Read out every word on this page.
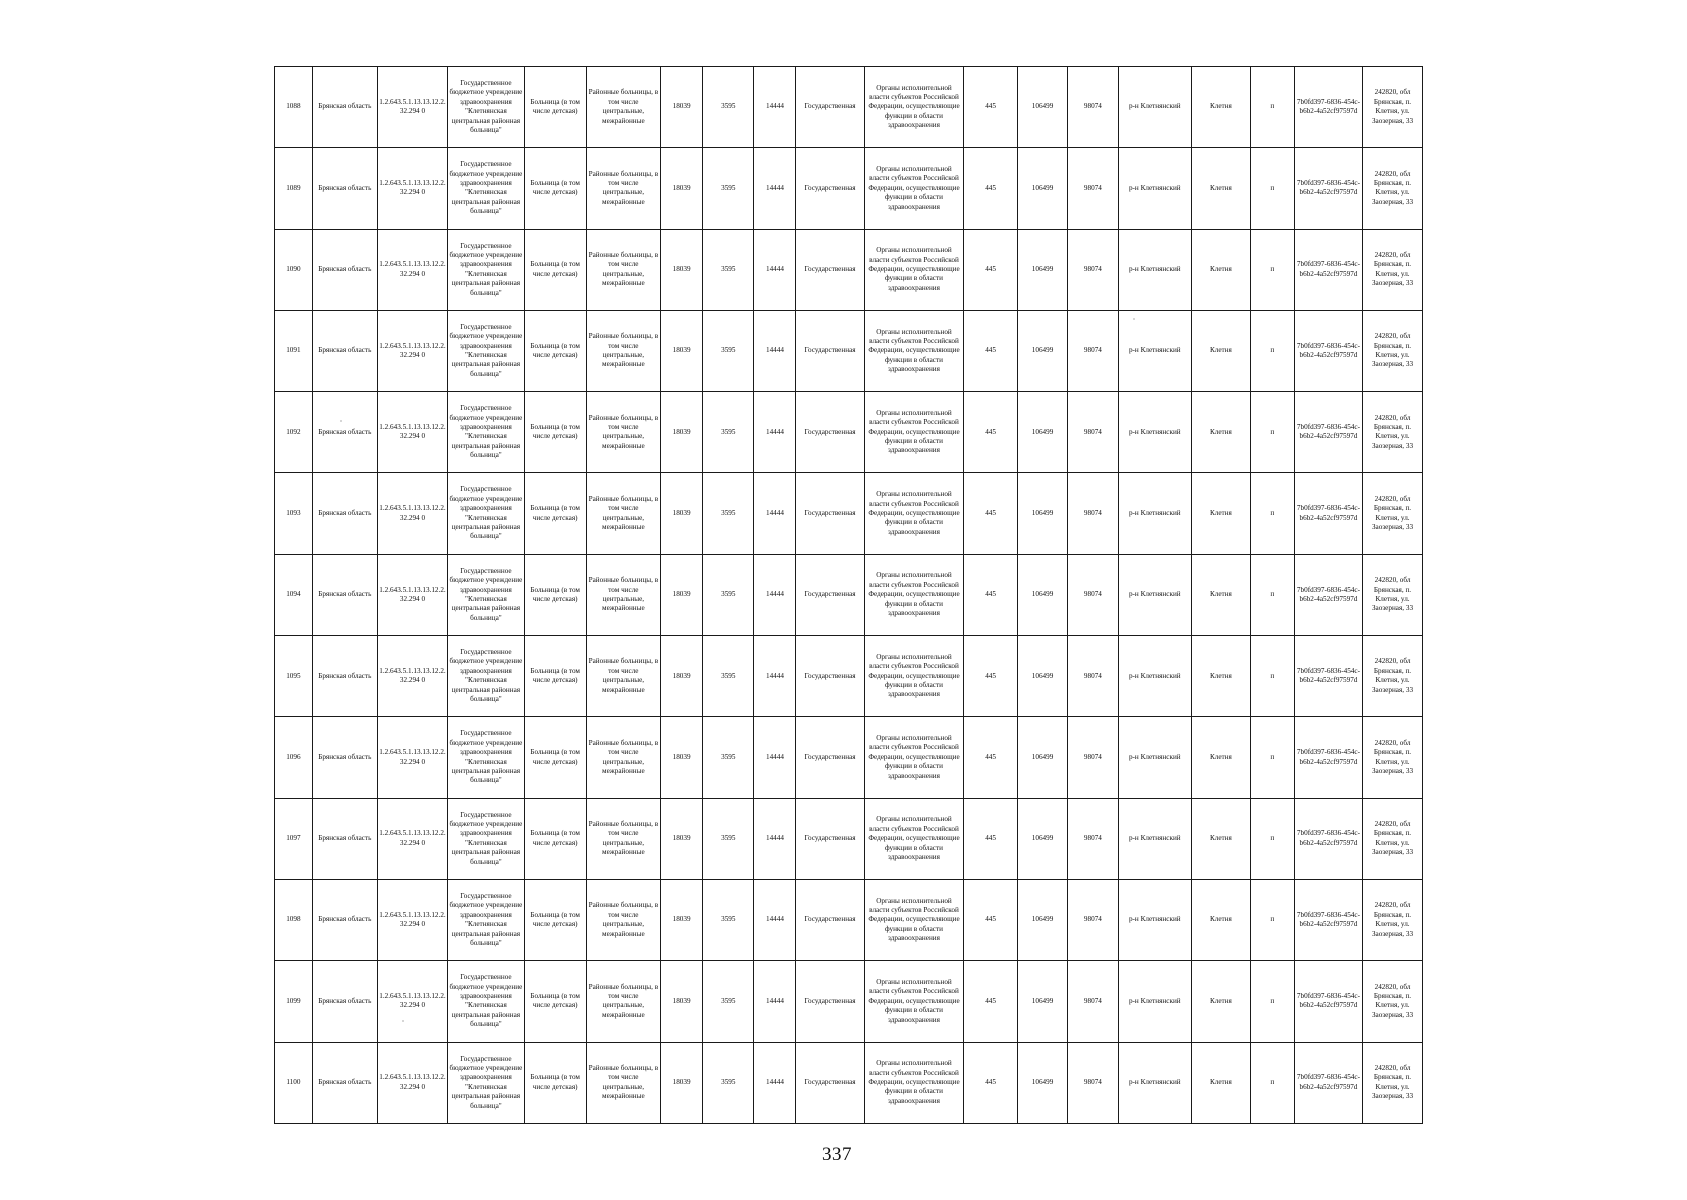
1088	Брянская область	1.2.643.5.1.13.13.12.2.32.294 0	Государственное бюджетное учреждение здравоохранения "Клетнянская центральная районная больница"	Больница (в том числе детская)	Районные больницы, в том числе центральные, межрайонные	18039	3595	14444	Государственная	Органы исполнительной власти субъектов Российской Федерации, осуществляющие функции в области здравоохранения	445	106499	98074	р-н Клетнянский	Клетня	п	7b0fd397-6836-454c-b6b2-4a52cf97597d	242820, обл Брянская, п. Клетня, ул. Заозерная, 33
1089	Брянская область	1.2.643.5.1.13.13.12.2.32.294 0	Государственное бюджетное учреждение здравоохранения "Клетнянская центральная районная больница"	Больница (в том числе детская)	Районные больницы, в том числе центральные, межрайонные	18039	3595	14444	Государственная	Органы исполнительной власти субъектов Российской Федерации, осуществляющие функции в области здравоохранения	445	106499	98074	р-н Клетнянский	Клетня	п	7b0fd397-6836-454c-b6b2-4a52cf97597d	242820, обл Брянская, п. Клетня, ул. Заозерная, 33
1090	Брянская область	1.2.643.5.1.13.13.12.2.32.294 0	Государственное бюджетное учреждение здравоохранения "Клетнянская центральная районная больница"	Больница (в том числе детская)	Районные больницы, в том числе центральные, межрайонные	18039	3595	14444	Государственная	Органы исполнительной власти субъектов Российской Федерации, осуществляющие функции в области здравоохранения	445	106499	98074	р-н Клетнянский	Клетня	п	7b0fd397-6836-454c-b6b2-4a52cf97597d	242820, обл Брянская, п. Клетня, ул. Заозерная, 33
1091	Брянская область	1.2.643.5.1.13.13.12.2.32.294 0	Государственное бюджетное учреждение здравоохранения "Клетнянская центральная районная больница"	Больница (в том числе детская)	Районные больницы, в том числе центральные, межрайонные	18039	3595	14444	Государственная	Органы исполнительной власти субъектов Российской Федерации, осуществляющие функции в области здравоохранения	445	106499	98074	р-н Клетнянский	Клетня	п	7b0fd397-6836-454c-b6b2-4a52cf97597d	242820, обл Брянская, п. Клетня, ул. Заозерная, 33
1092	Брянская область	1.2.643.5.1.13.13.12.2.32.294 0	Государственное бюджетное учреждение здравоохранения "Клетнянская центральная районная больница"	Больница (в том числе детская)	Районные больницы, в том числе центральные, межрайонные	18039	3595	14444	Государственная	Органы исполнительной власти субъектов Российской Федерации, осуществляющие функции в области здравоохранения	445	106499	98074	р-н Клетнянский	Клетня	п	7b0fd397-6836-454c-b6b2-4a52cf97597d	242820, обл Брянская, п. Клетня, ул. Заозерная, 33
1093	Брянская область	1.2.643.5.1.13.13.12.2.32.294 0	Государственное бюджетное учреждение здравоохранения "Клетнянская центральная районная больница"	Больница (в том числе детская)	Районные больницы, в том числе центральные, межрайонные	18039	3595	14444	Государственная	Органы исполнительной власти субъектов Российской Федерации, осуществляющие функции в области здравоохранения	445	106499	98074	р-н Клетнянский	Клетня	п	7b0fd397-6836-454c-b6b2-4a52cf97597d	242820, обл Брянская, п. Клетня, ул. Заозерная, 33
1094	Брянская область	1.2.643.5.1.13.13.12.2.32.294 0	Государственное бюджетное учреждение здравоохранения "Клетнянская центральная районная больница"	Больница (в том числе детская)	Районные больницы, в том числе центральные, межрайонные	18039	3595	14444	Государственная	Органы исполнительной власти субъектов Российской Федерации, осуществляющие функции в области здравоохранения	445	106499	98074	р-н Клетнянский	Клетня	п	7b0fd397-6836-454c-b6b2-4a52cf97597d	242820, обл Брянская, п. Клетня, ул. Заозерная, 33
1095	Брянская область	1.2.643.5.1.13.13.12.2.32.294 0	Государственное бюджетное учреждение здравоохранения "Клетнянская центральная районная больница"	Больница (в том числе детская)	Районные больницы, в том числе центральные, межрайонные	18039	3595	14444	Государственная	Органы исполнительной власти субъектов Российской Федерации, осуществляющие функции в области здравоохранения	445	106499	98074	р-н Клетнянский	Клетня	п	7b0fd397-6836-454c-b6b2-4a52cf97597d	242820, обл Брянская, п. Клетня, ул. Заозерная, 33
1096	Брянская область	1.2.643.5.1.13.13.12.2.32.294 0	Государственное бюджетное учреждение здравоохранения "Клетнянская центральная районная больница"	Больница (в том числе детская)	Районные больницы, в том числе центральные, межрайонные	18039	3595	14444	Государственная	Органы исполнительной власти субъектов Российской Федерации, осуществляющие функции в области здравоохранения	445	106499	98074	р-н Клетнянский	Клетня	п	7b0fd397-6836-454c-b6b2-4a52cf97597d	242820, обл Брянская, п. Клетня, ул. Заозерная, 33
1097	Брянская область	1.2.643.5.1.13.13.12.2.32.294 0	Государственное бюджетное учреждение здравоохранения "Клетнянская центральная районная больница"	Больница (в том числе детская)	Районные больницы, в том числе центральные, межрайонные	18039	3595	14444	Государственная	Органы исполнительной власти субъектов Российской Федерации, осуществляющие функции в области здравоохранения	445	106499	98074	р-н Клетнянский	Клетня	п	7b0fd397-6836-454c-b6b2-4a52cf97597d	242820, обл Брянская, п. Клетня, ул. Заозерная, 33
1098	Брянская область	1.2.643.5.1.13.13.12.2.32.294 0	Государственное бюджетное учреждение здравоохранения "Клетнянская центральная районная больница"	Больница (в том числе детская)	Районные больницы, в том числе центральные, межрайонные	18039	3595	14444	Государственная	Органы исполнительной власти субъектов Российской Федерации, осуществляющие функции в области здравоохранения	445	106499	98074	р-н Клетнянский	Клетня	п	7b0fd397-6836-454c-b6b2-4a52cf97597d	242820, обл Брянская, п. Клетня, ул. Заозерная, 33
1099	Брянская область	1.2.643.5.1.13.13.12.2.32.294 0	Государственное бюджетное учреждение здравоохранения "Клетнянская центральная районная больница"	Больница (в том числе детская)	Районные больницы, в том числе центральные, межрайонные	18039	3595	14444	Государственная	Органы исполнительной власти субъектов Российской Федерации, осуществляющие функции в области здравоохранения	445	106499	98074	р-н Клетнянский	Клетня	п	7b0fd397-6836-454c-b6b2-4a52cf97597d	242820, обл Брянская, п. Клетня, ул. Заозерная, 33
1100	Брянская область	1.2.643.5.1.13.13.12.2.32.294 0	Государственное бюджетное учреждение здравоохранения "Клетнянская центральная районная больница"	Больница (в том числе детская)	Районные больницы, в том числе центральные, межрайонные	18039	3595	14444	Государственная	Органы исполнительной власти субъектов Российской Федерации, осуществляющие функции в области здравоохранения	445	106499	98074	р-н Клетнянский	Клетня	п	7b0fd397-6836-454c-b6b2-4a52cf97597d	242820, обл Брянская, п. Клетня, ул. Заозерная, 33
337
